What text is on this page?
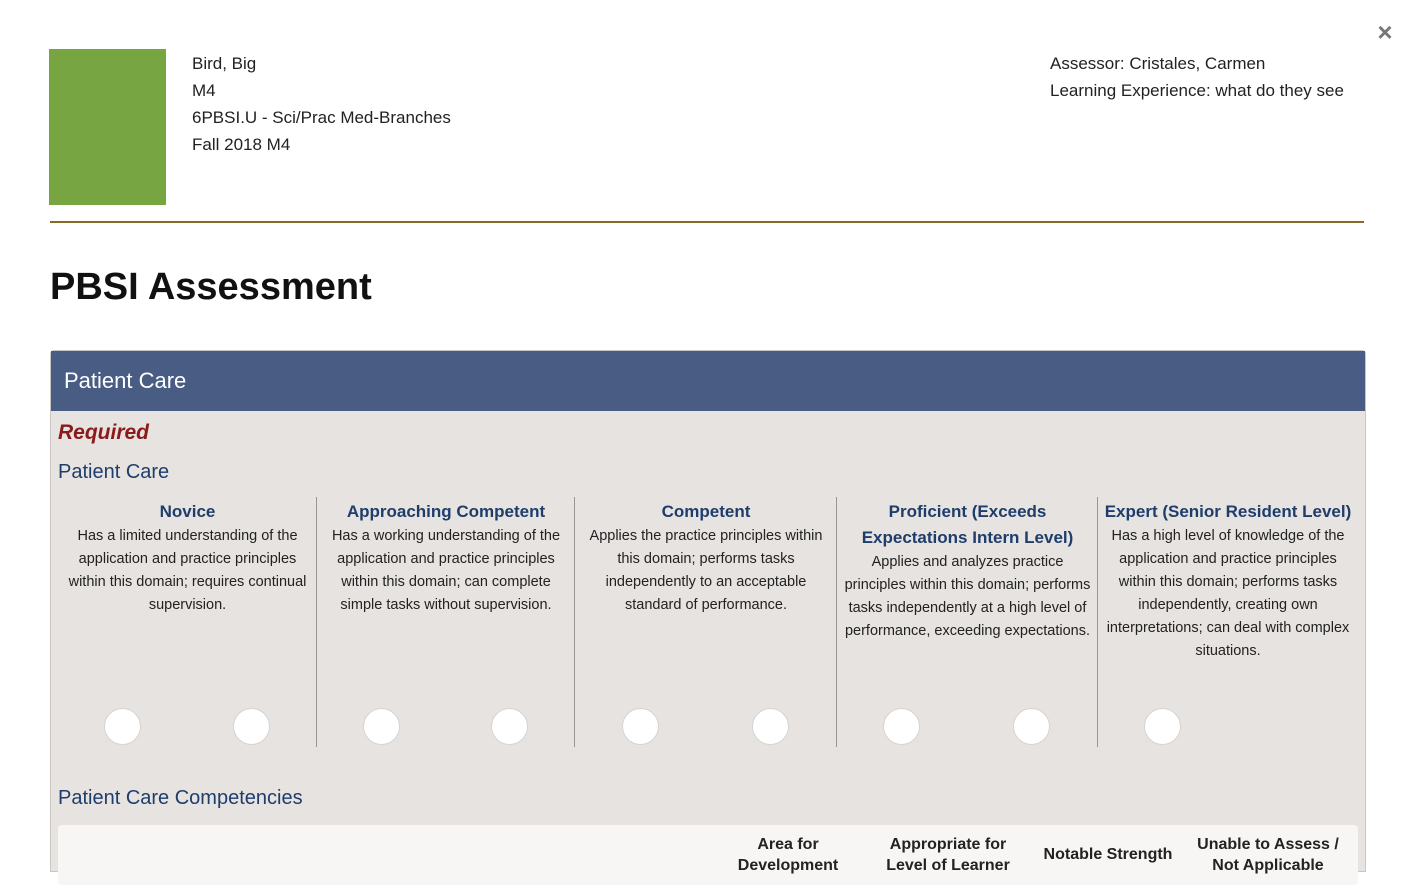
×
Bird, Big
M4
6PBSI.U - Sci/Prac Med-Branches
Fall 2018 M4
Assessor: Cristales, Carmen
Learning Experience: what do they see
PBSI Assessment
Patient Care
Required
Patient Care
Novice
Has a limited understanding of the application and practice principles within this domain; requires continual supervision.
Approaching Competent
Has a working understanding of the application and practice principles within this domain; can complete simple tasks without supervision.
Competent
Applies the practice principles within this domain; performs tasks independently to an acceptable standard of performance.
Proficient (Exceeds Expectations Intern Level)
Applies and analyzes practice principles within this domain; performs tasks independently at a high level of performance, exceeding expectations.
Expert (Senior Resident Level)
Has a high level of knowledge of the application and practice principles within this domain; performs tasks independently, creating own interpretations; can deal with complex situations.
Patient Care Competencies
Area for Development
Appropriate for Level of Learner
Notable Strength
Unable to Assess / Not Applicable
